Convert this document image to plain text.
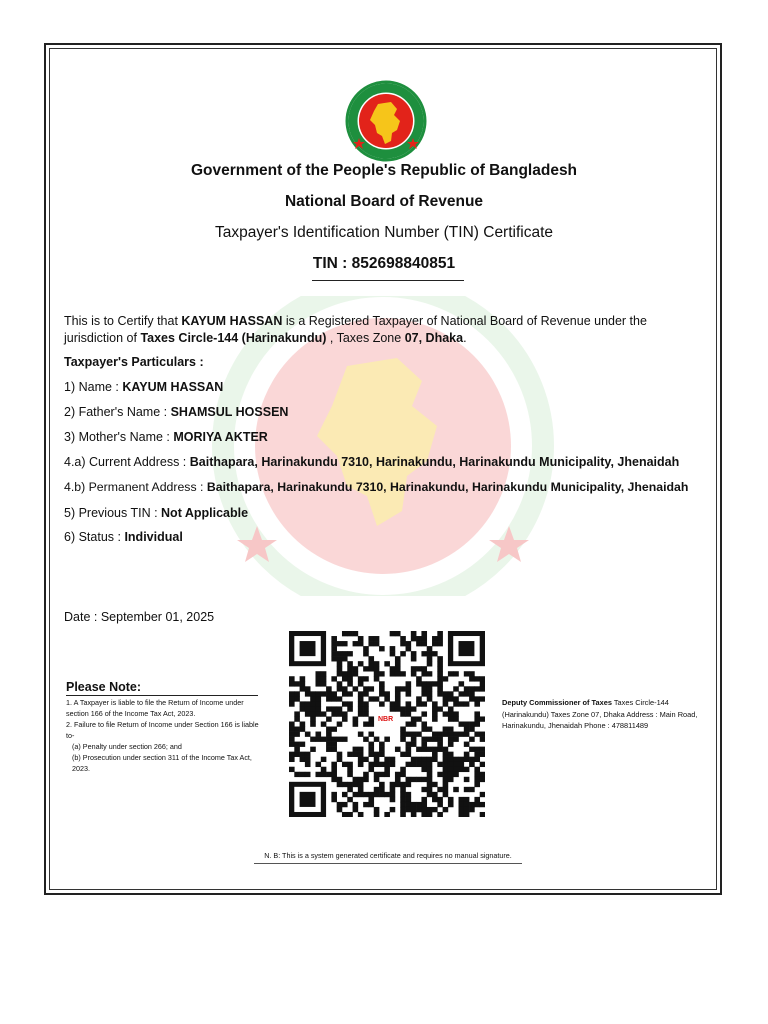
Government of the People's Republic of Bangladesh
National Board of Revenue
Taxpayer's Identification Number (TIN) Certificate
TIN : 852698840851
This is to Certify that KAYUM HASSAN is a Registered Taxpayer of National Board of Revenue under the jurisdiction of Taxes Circle-144 (Harinakundu) , Taxes Zone 07, Dhaka.
Taxpayer's Particulars :
1) Name : KAYUM HASSAN
2) Father's Name : SHAMSUL HOSSEN
3) Mother's Name : MORIYA AKTER
4.a) Current Address : Baithapara, Harinakundu 7310, Harinakundu, Harinakundu Municipality, Jhenaidah
4.b) Permanent Address : Baithapara, Harinakundu 7310, Harinakundu, Harinakundu Municipality, Jhenaidah
5) Previous TIN : Not Applicable
6) Status : Individual
Date : September 01, 2025
NBR
Please Note:
1. A Taxpayer is liable to file the Return of Income under section 166 of the Income Tax Act, 2023.
2. Failure to file Return of Income under Section 166 is liable to-
(a) Penalty under section 266; and
(b) Prosecution under section 311 of the Income Tax Act, 2023.
Deputy Commissioner of Taxes Taxes Circle-144 (Harinakundu) Taxes Zone 07, Dhaka Address : Main Road, Harinakundu, Jhenaidah Phone : 478811489
N. B: This is a system generated certificate and requires no manual signature.
